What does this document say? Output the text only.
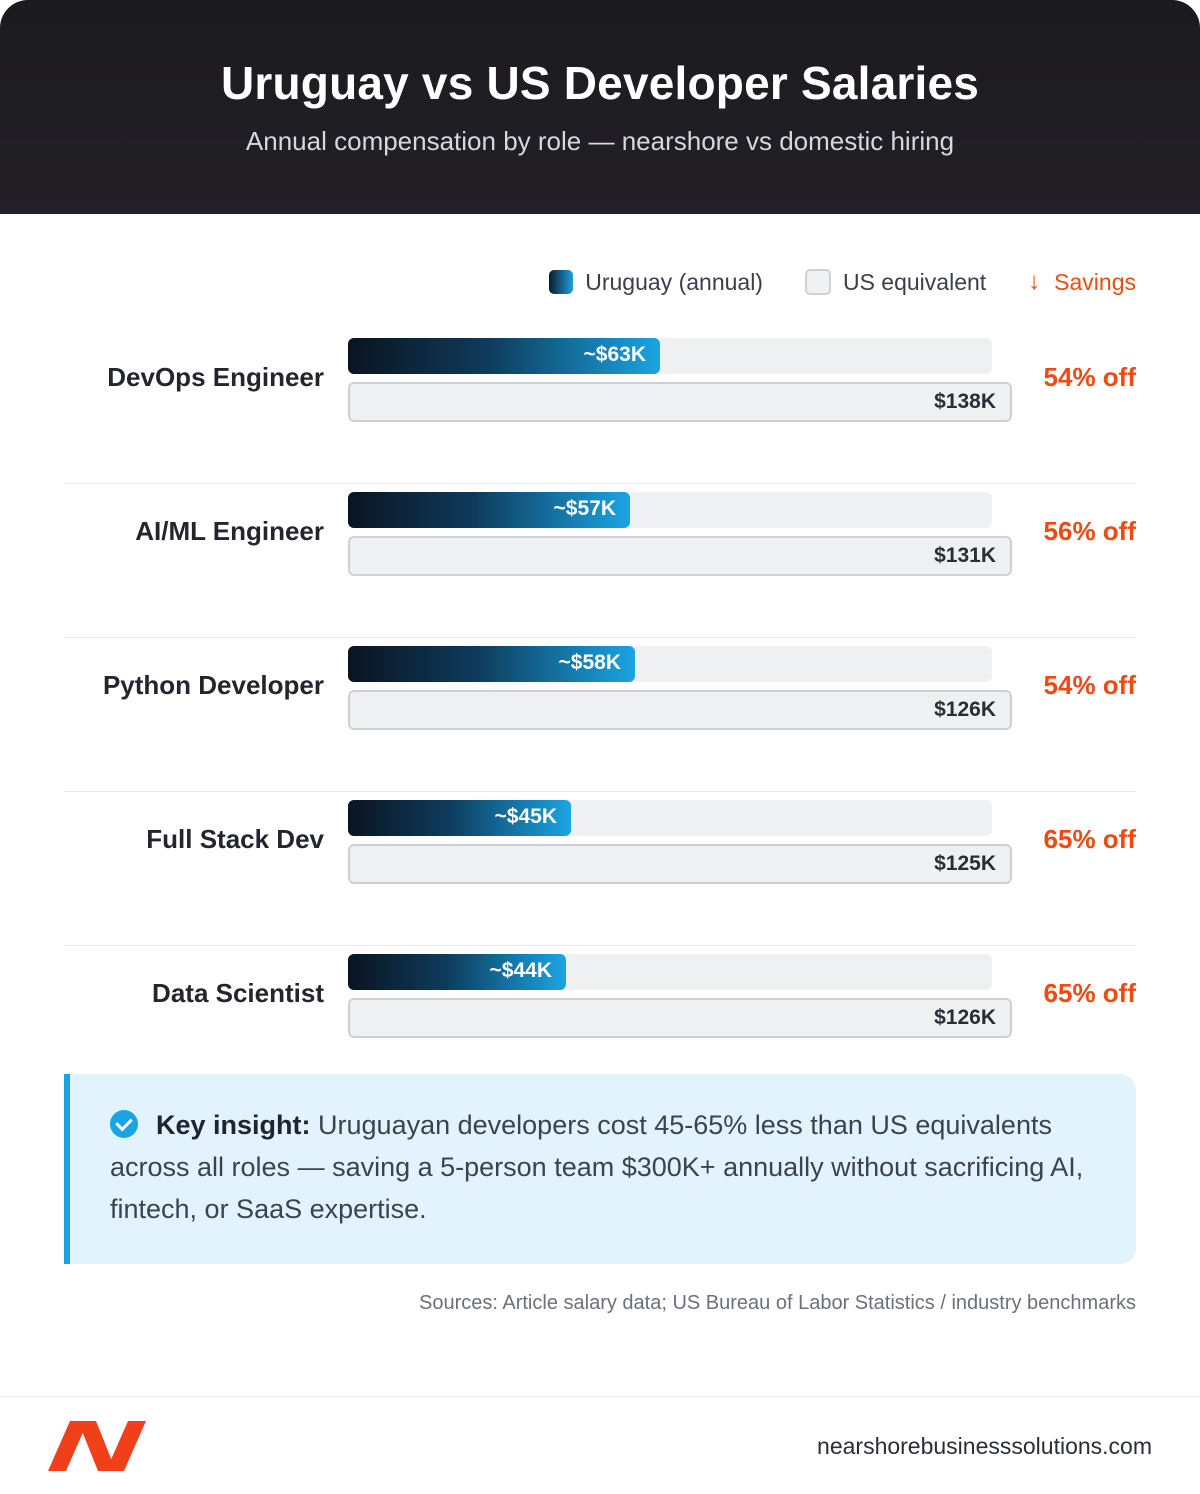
Uruguay vs US Developer Salaries

Annual compensation by role — nearshore vs domestic hiring

Uruguay (annual)	US equivalent ↓ Savings
DevOps Engineer
~$63K
$138K
54% off
AI/ML Engineer
~$57K
$131K
56% off
Python Developer
~$58K
$126K
54% off
Full Stack Dev
~$45K
$125K
65% off
Data Scientist
~$44K
$126K
65% off
Key insight: Uruguayan developers cost 45-65% less than US equivalents across all roles — saving a 5-person team $300K+ annually without sacrificing AI, fintech, or SaaS expertise.
Sources: Article salary data; US Bureau of Labor Statistics / industry benchmarks
nearshorebusinesssolutions.com
